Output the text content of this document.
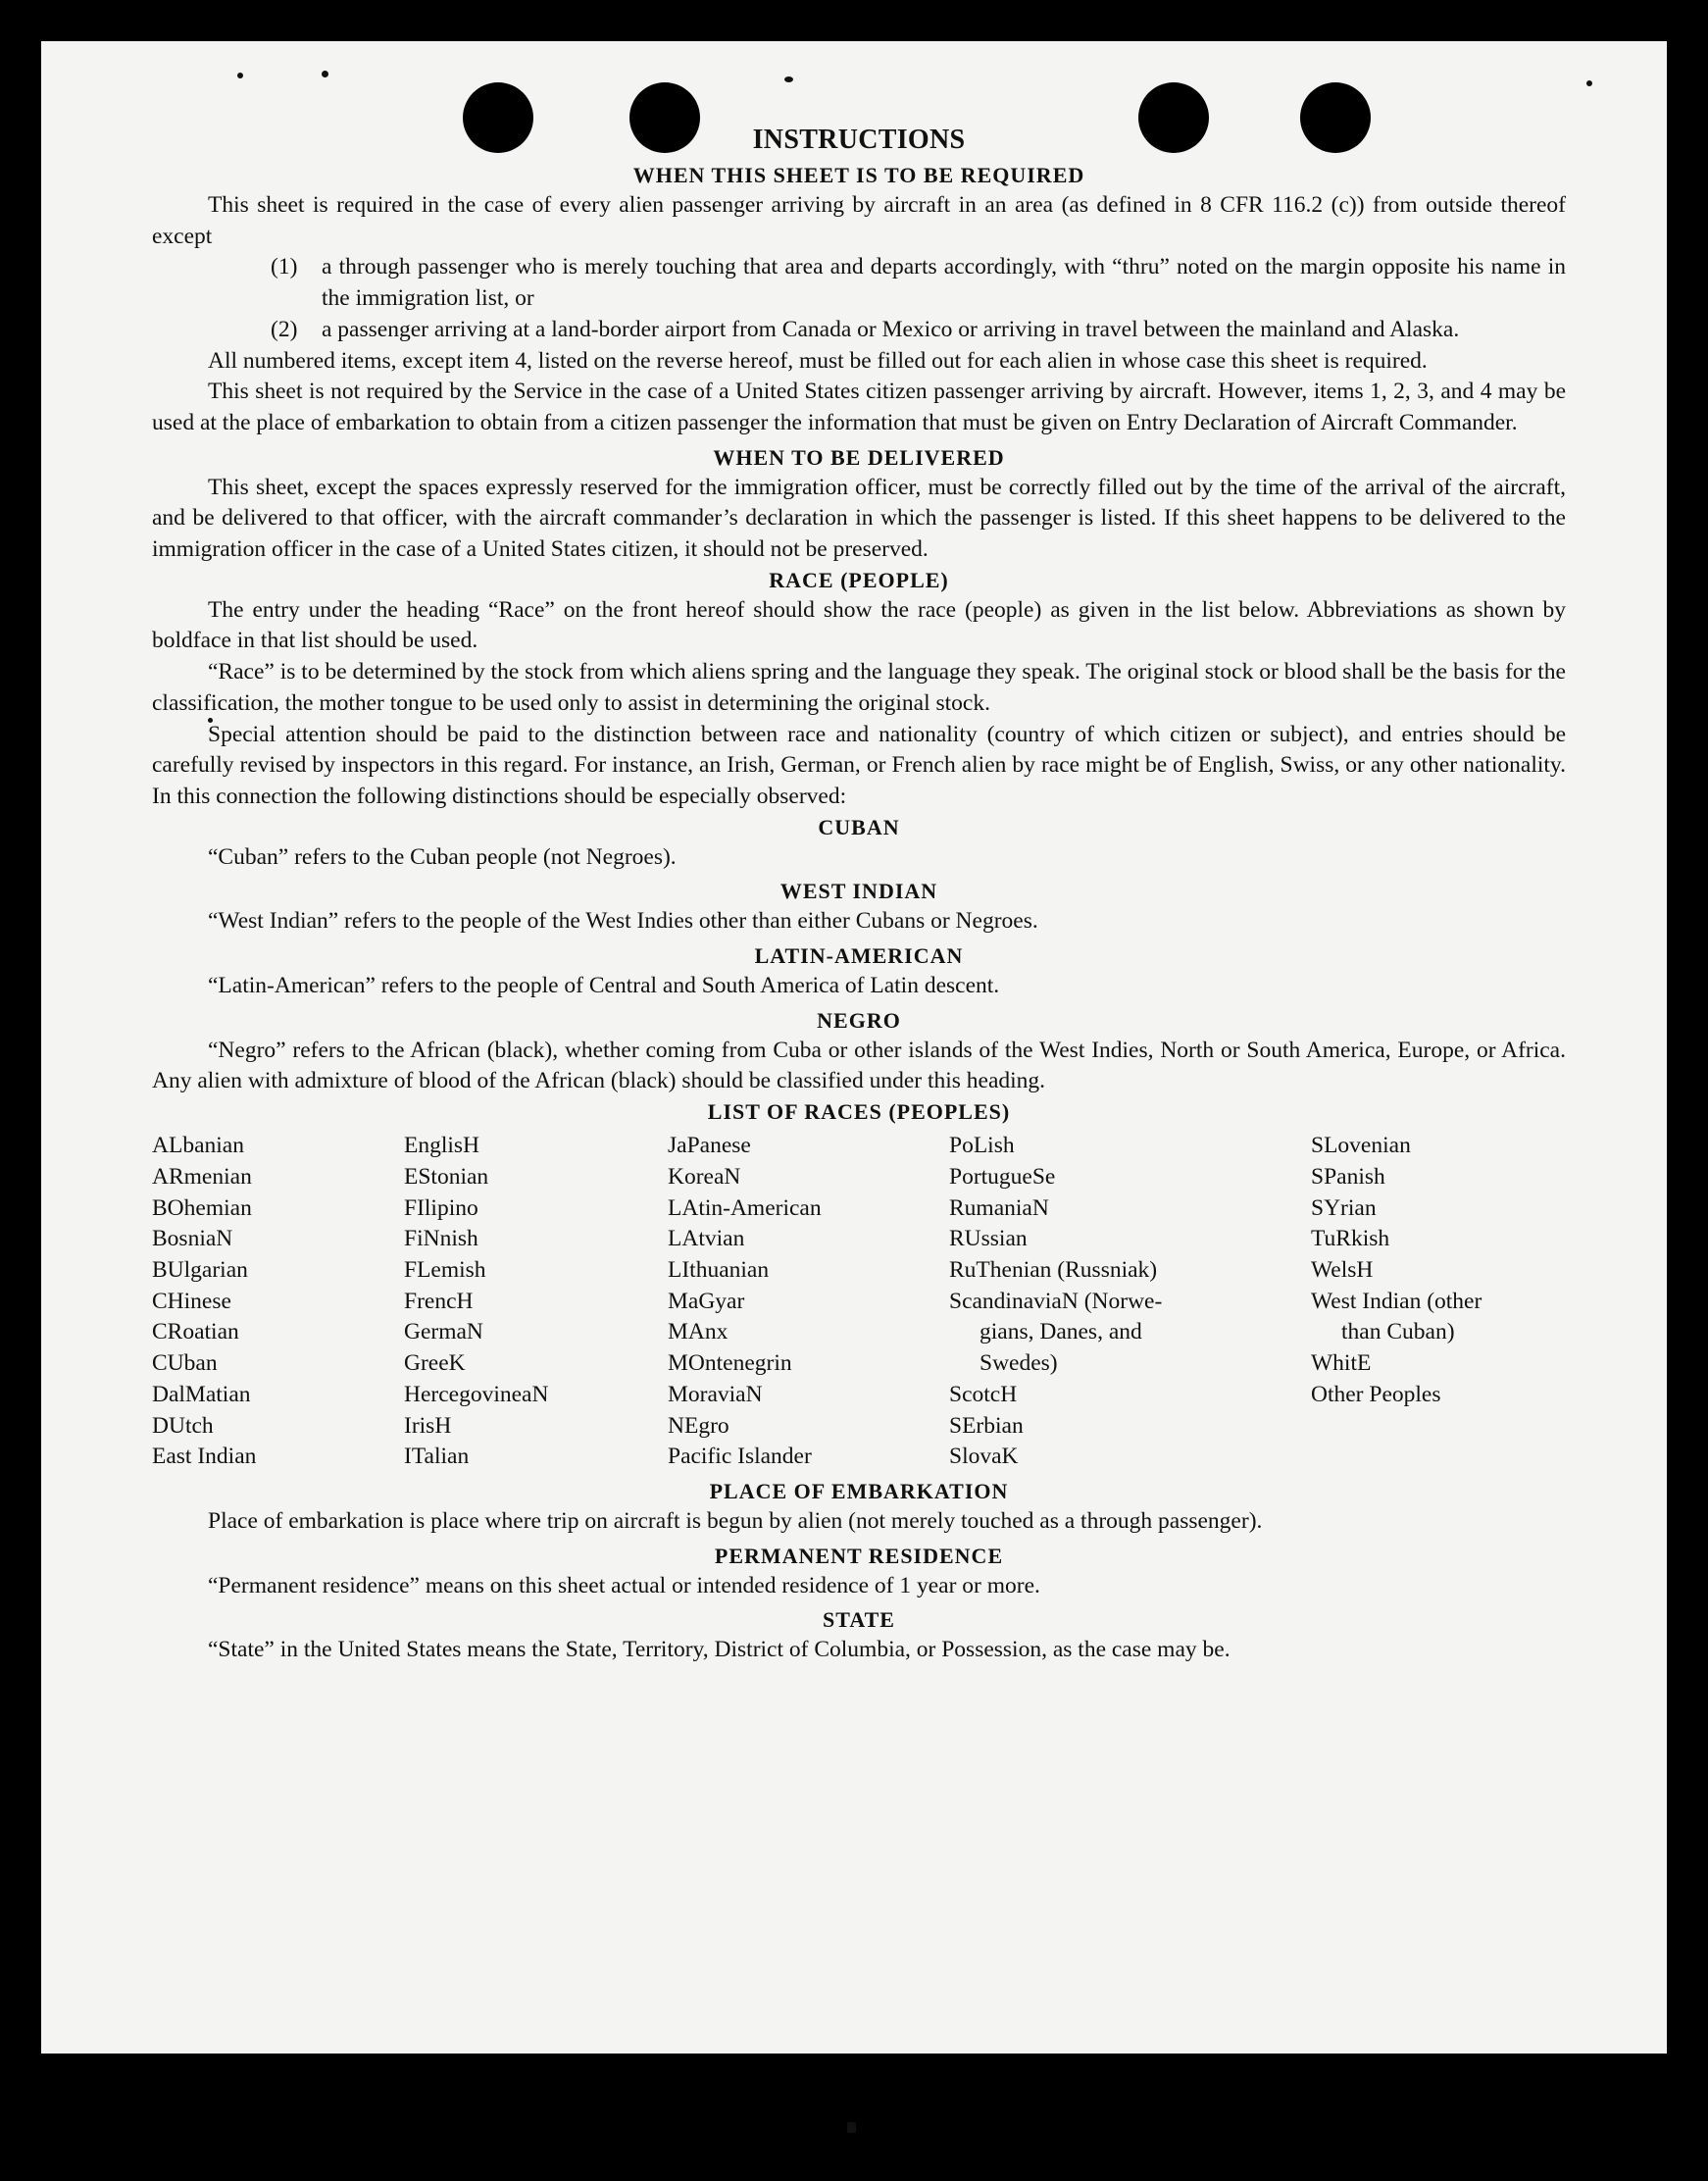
INSTRUCTIONS
WHEN THIS SHEET IS TO BE REQUIRED

This sheet is required in the case of every alien passenger arriving by aircraft in an area (as defined in 8 CFR 116.2 (c)) from outside thereof except

(1) a through passenger who is merely touching that area and departs accordingly, with “thru” noted on the margin opposite his name in the immigration list, or

(2) a passenger arriving at a land-border airport from Canada or Mexico or arriving in travel between the mainland and Alaska.

All numbered items, except item 4, listed on the reverse hereof, must be filled out for each alien in whose case this sheet is required.

This sheet is not required by the Service in the case of a United States citizen passenger arriving by aircraft. However, items 1, 2, 3, and 4 may be used at the place of embarkation to obtain from a citizen passenger the information that must be given on Entry Declaration of Aircraft Commander.

WHEN TO BE DELIVERED

This sheet, except the spaces expressly reserved for the immigration officer, must be correctly filled out by the time of the arrival of the aircraft, and be delivered to that officer, with the aircraft commander’s declaration in which the passenger is listed. If this sheet happens to be delivered to the immigration officer in the case of a United States citizen, it should not be preserved.

RACE (PEOPLE)

The entry under the heading “Race” on the front hereof should show the race (people) as given in the list below. Abbreviations as shown by boldface in that list should be used.

“Race” is to be determined by the stock from which aliens spring and the language they speak. The original stock or blood shall be the basis for the classification, the mother tongue to be used only to assist in determining the original stock.

Special attention should be paid to the distinction between race and nationality (country of which citizen or subject), and entries should be carefully revised by inspectors in this regard. For instance, an Irish, German, or French alien by race might be of English, Swiss, or any other nationality. In this connection the following distinctions should be especially observed:

CUBAN

“Cuban” refers to the Cuban people (not Negroes).

WEST INDIAN

“West Indian” refers to the people of the West Indies other than either Cubans or Negroes.

LATIN-AMERICAN

“Latin-American” refers to the people of Central and South America of Latin descent.

NEGRO

“Negro” refers to the African (black), whether coming from Cuba or other islands of the West Indies, North or South America, Europe, or Africa. Any alien with admixture of blood of the African (black) should be classified under this heading.

LIST OF RACES (PEOPLES)
ALbanian
ARmenian
BOhemian
BosniaN
BUlgarian
CHinese
CRoatian
CUban
DalMatian
DUtch
East Indian
EnglisH
EStonian
FIlipino
FiNnish
FLemish
FrencH
GermaN
GreeK
HercegovineaN
IrisH
ITalian
JaPanese
KoreaN
LAtin-American
LAtvian
LIthuanian
MaGyar
MAnx
MOntenegrin
MoraviaN
NEgro
Pacific Islander
PoLish
PortugueSe
RumaniaN
RUssian
RuThenian (Russniak)
ScandinaviaN (Norwe-
gians, Danes, and
Swedes)
ScotcH
SErbian
SlovaK
SLovenian
SPanish
SYrian
TuRkish
WelsH
West Indian (other
than Cuban)
WhitE
Other Peoples
PLACE OF EMBARKATION

Place of embarkation is place where trip on aircraft is begun by alien (not merely touched as a through passenger).

PERMANENT RESIDENCE

“Permanent residence” means on this sheet actual or intended residence of 1 year or more.

STATE

“State” in the United States means the State, Territory, District of Columbia, or Possession, as the case may be.
